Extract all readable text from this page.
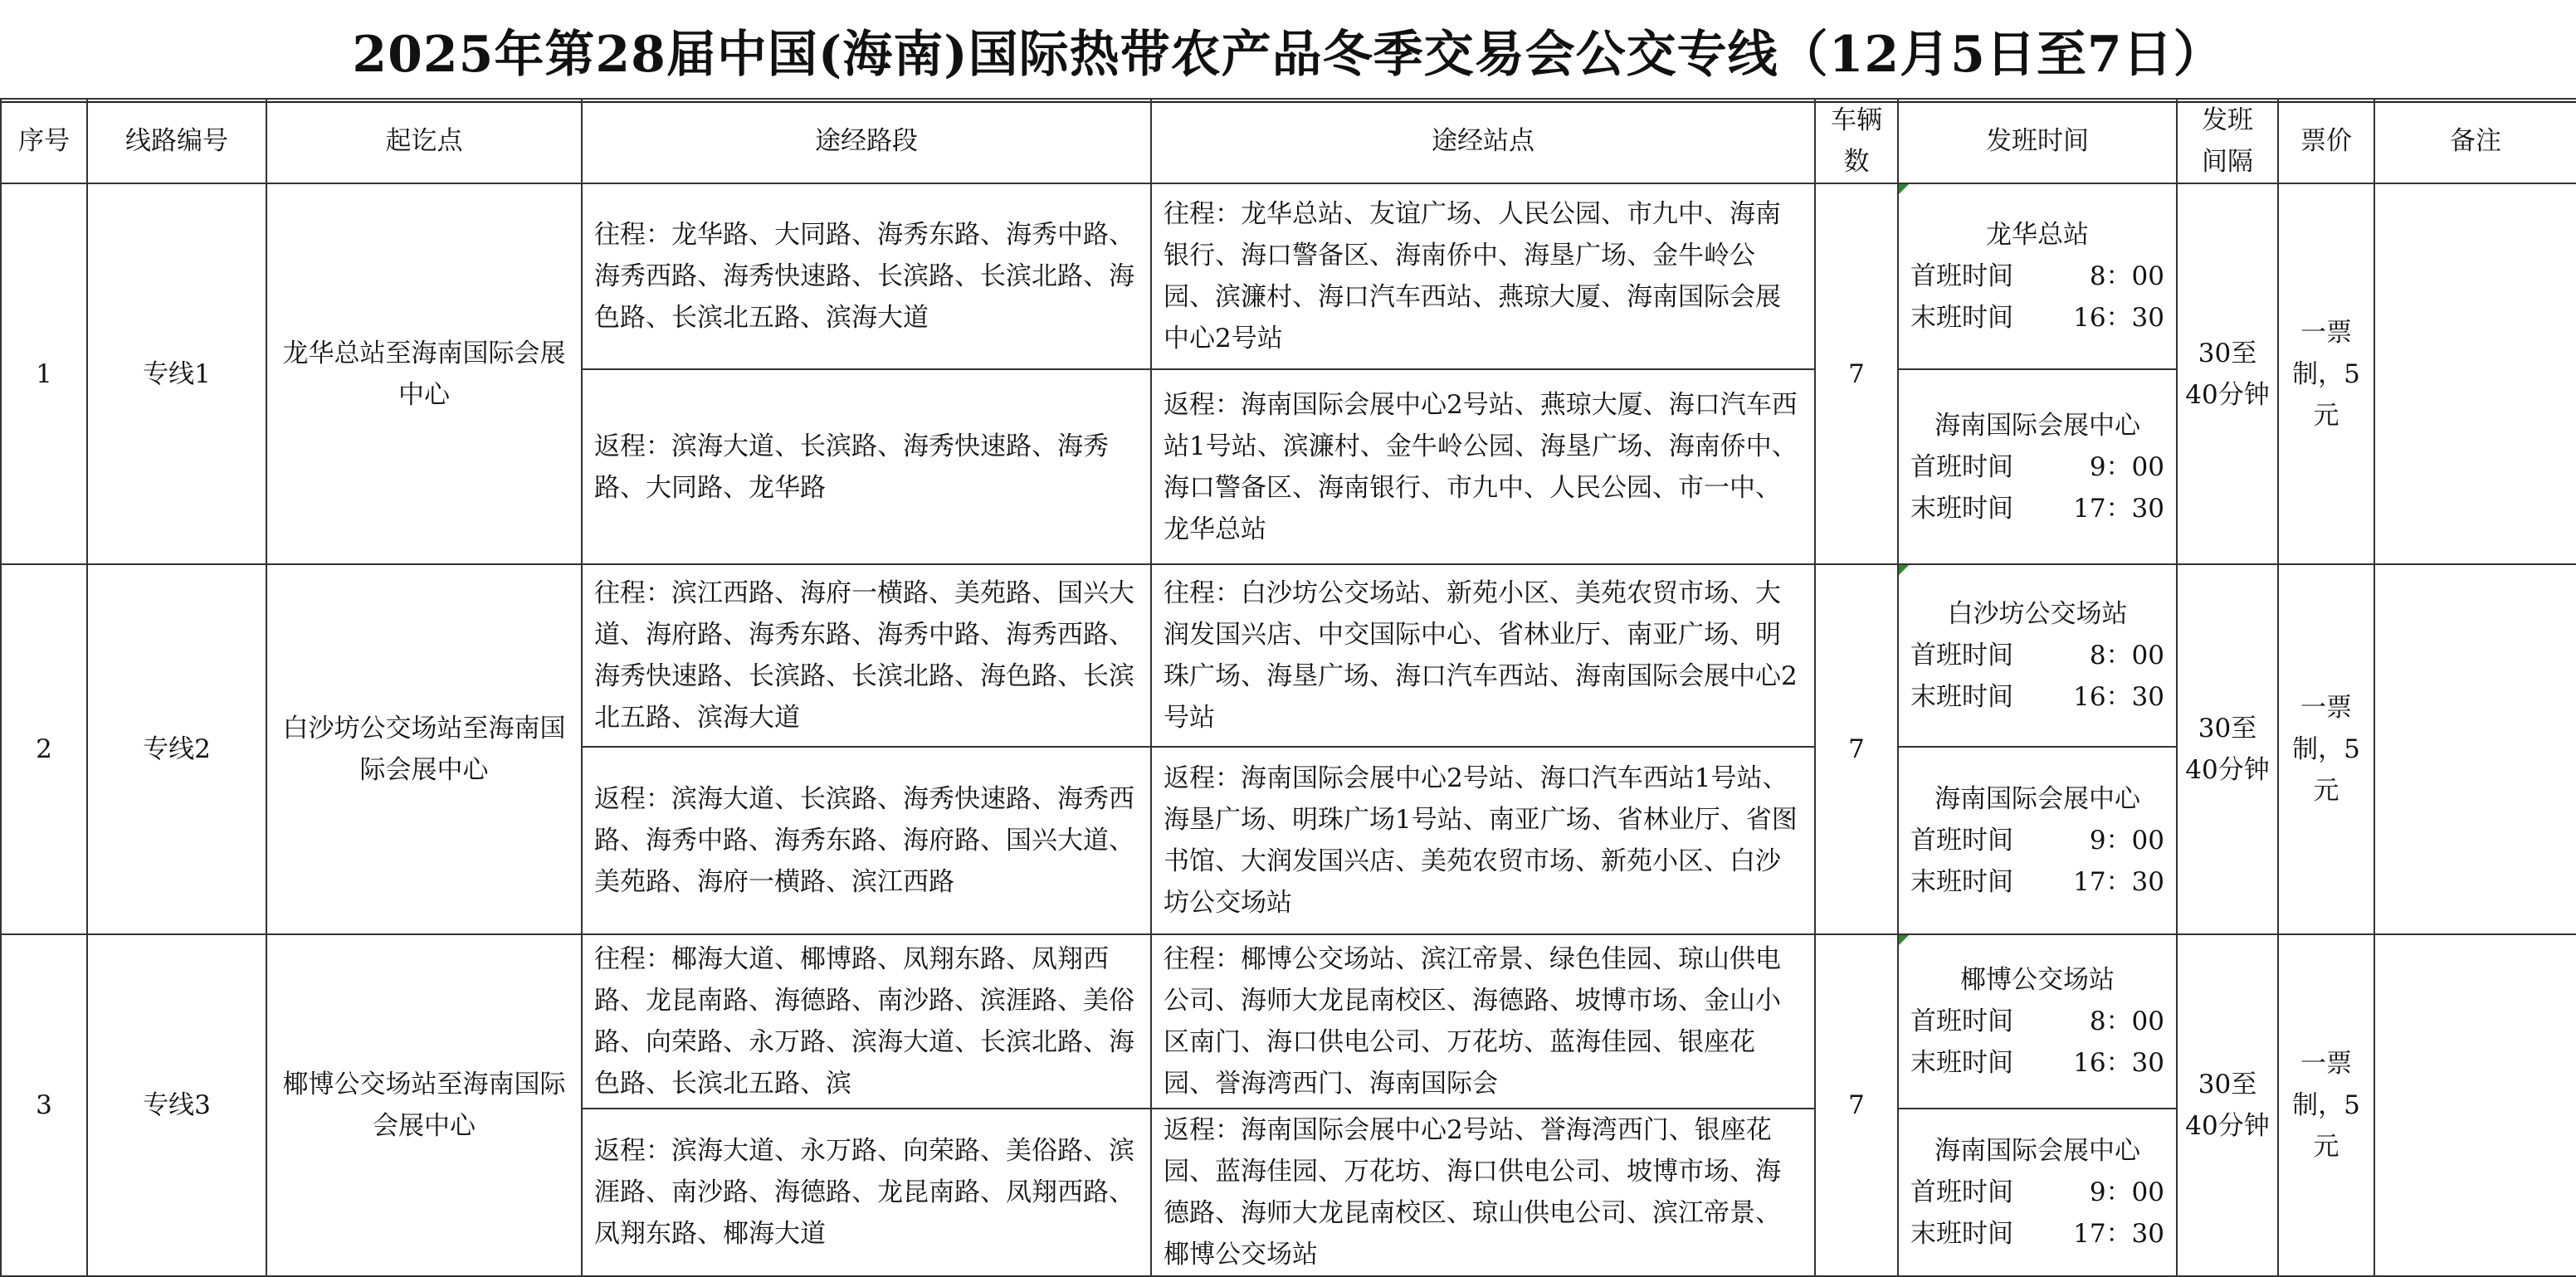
2025年第28届中国(海南)国际热带农产品冬季交易会公交专线（12月5日至7日）
序号	线路编号	起讫点	途经路段	途经站点	车辆数	发班时间	发班间隔	票价	备注
1	专线1	龙华总站至海南国际会展中心	往程：龙华路、大同路、海秀东路、海秀中路、海秀西路、海秀快速路、长滨路、长滨北路、海色路、长滨北五路、滨海大道	往程：龙华总站、友谊广场、人民公园、市九中、海南银行、海口警备区、海南侨中、海垦广场、金牛岭公园、滨濂村、海口汽车西站、燕琼大厦、海南国际会展中心2号站	7	龙华总站
首班时间 8：00
末班时间 16：30	30至40分钟	一票制，5元	

			返程：滨海大道、长滨路、海秀快速路、海秀路、大同路、龙华路	返程：海南国际会展中心2号站、燕琼大厦、海口汽车西站1号站、滨濂村、金牛岭公园、海垦广场、海南侨中、海口警备区、海南银行、市九中、人民公园、市一中、龙华总站		海南国际会展中心
首班时间 9：00
末班时间 17：30			

2	专线2	白沙坊公交场站至海南国际会展中心	往程：滨江西路、海府一横路、美苑路、国兴大道、海府路、海秀东路、海秀中路、海秀西路、海秀快速路、长滨路、长滨北路、海色路、长滨北五路、滨海大道	往程：白沙坊公交场站、新苑小区、美苑农贸市场、大润发国兴店、中交国际中心、省林业厅、南亚广场、明珠广场、海垦广场、海口汽车西站、海南国际会展中心2号站	7	白沙坊公交场站
首班时间 8：00
末班时间 16：30	30至40分钟	一票制，5元	

			返程：滨海大道、长滨路、海秀快速路、海秀西路、海秀中路、海秀东路、海府路、国兴大道、美苑路、海府一横路、滨江西路	返程：海南国际会展中心2号站、海口汽车西站1号站、海垦广场、明珠广场1号站、南亚广场、省林业厅、省图书馆、大润发国兴店、美苑农贸市场、新苑小区、白沙坊公交场站		海南国际会展中心
首班时间 9：00
末班时间 17：30			

3	专线3	椰博公交场站至海南国际会展中心	往程：椰海大道、椰博路、凤翔东路、凤翔西路、龙昆南路、海德路、南沙路、滨涯路、美俗路、向荣路、永万路、滨海大道、长滨北路、海色路、长滨北五路、滨	往程：椰博公交场站、滨江帝景、绿色佳园、琼山供电公司、海师大龙昆南校区、海德路、坡博市场、金山小区南门、海口供电公司、万花坊、蓝海佳园、银座花园、誉海湾西门、海南国际会	7	椰博公交场站
首班时间 8：00
末班时间 16：30	30至40分钟	一票制，5元	

			返程：滨海大道、永万路、向荣路、美俗路、滨涯路、南沙路、海德路、龙昆南路、凤翔西路、凤翔东路、椰海大道	返程：海南国际会展中心2号站、誉海湾西门、银座花园、蓝海佳园、万花坊、海口供电公司、坡博市场、海德路、海师大龙昆南校区、琼山供电公司、滨江帝景、椰博公交场站		海南国际会展中心
首班时间 9：00
末班时间 17：30			
